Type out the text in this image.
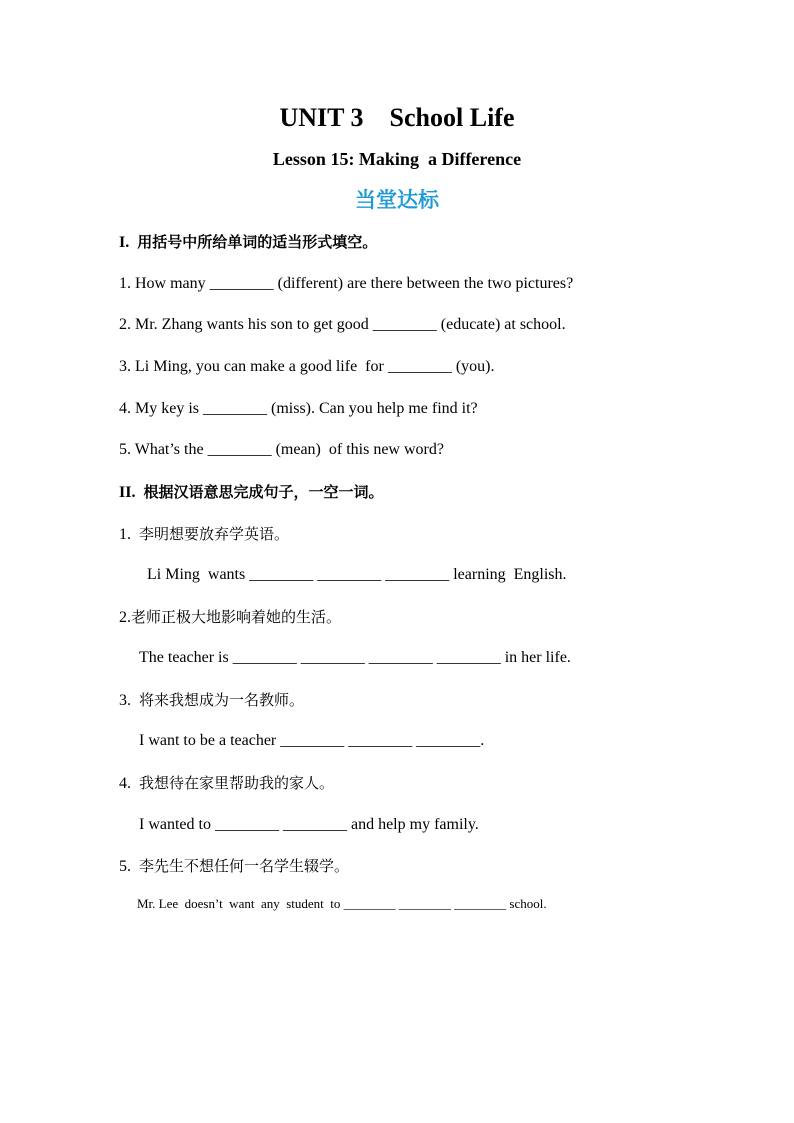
UNIT 3    School Life
Lesson 15: Making  a Difference
当堂达标
I.  用括号中所给单词的适当形式填空。
1. How many ________ (different) are there between the two pictures?
2. Mr. Zhang wants his son to get good ________ (educate) at school.
3. Li Ming, you can make a good life  for ________ (you).
4. My key is ________ (miss). Can you help me find it?
5. What’s the ________ (mean)  of this new word?
II.  根据汉语意思完成句子，一空一词。
1.  李明想要放弃学英语。
Li Ming  wants ________ ________ ________ learning  English.
2.老师正极大地影响着她的生活。
The teacher is ________ ________ ________ ________ in her life.
3.  将来我想成为一名教师。
I want to be a teacher ________ ________ ________.
4.  我想待在家里帮助我的家人。
I wanted to ________ ________ and help my family.
5.  李先生不想任何一名学生辍学。
Mr. Lee  doesn’t  want  any  student  to ________ ________ ________ school.
